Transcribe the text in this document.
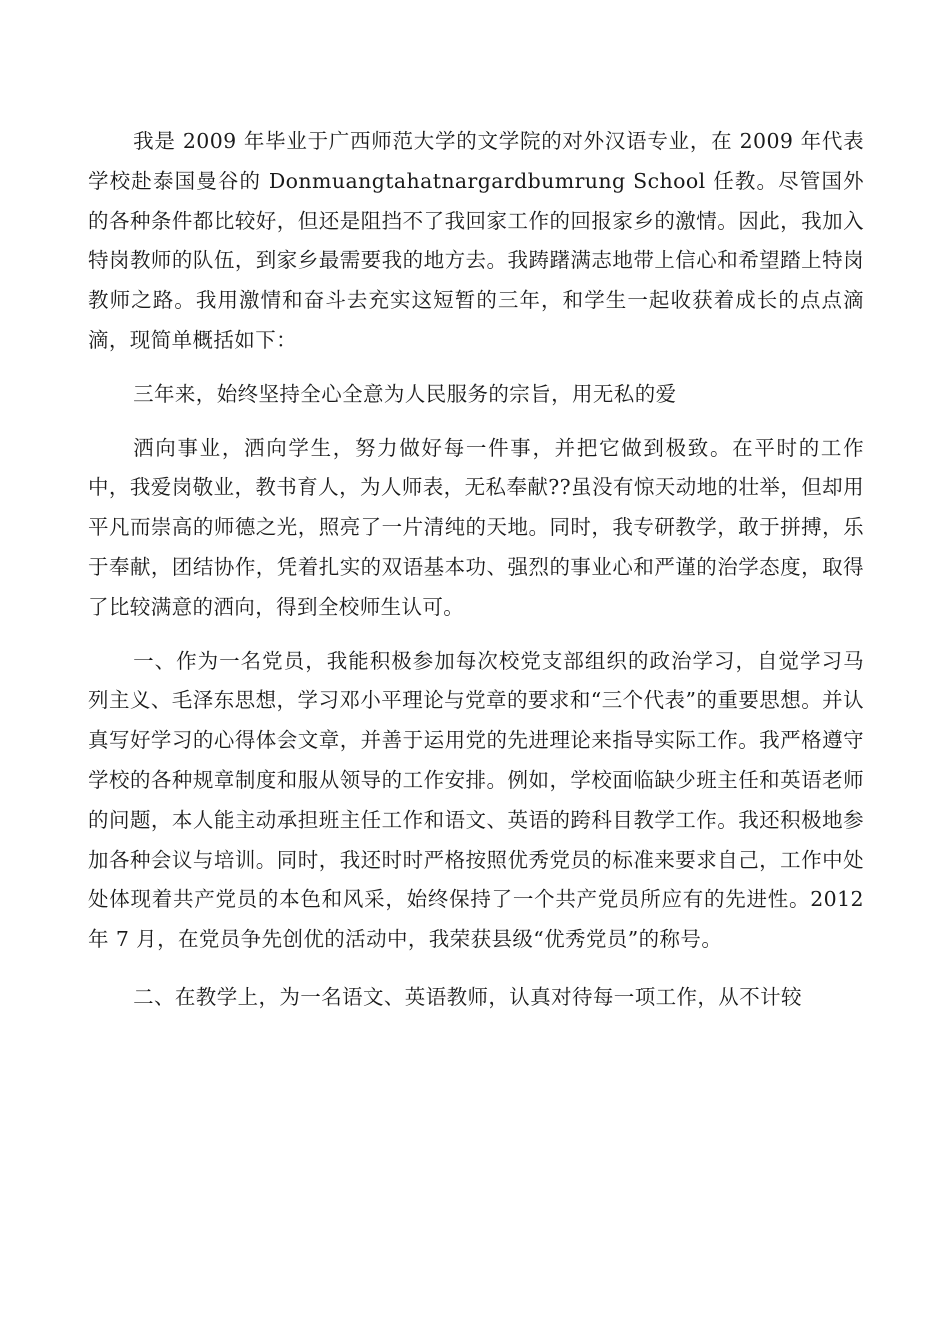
我是 2009 年毕业于广西师范大学的文学院的对外汉语专业，在 2009 年代表学校赴泰国曼谷的 Donmuangtahatnargardbumrung School 任教。尽管国外的各种条件都比较好，但还是阻挡不了我回家工作的回报家乡的激情。因此，我加入特岗教师的队伍，到家乡最需要我的地方去。我踌躇满志地带上信心和希望踏上特岗教师之路。我用激情和奋斗去充实这短暂的三年，和学生一起收获着成长的点点滴滴，现简单概括如下：

三年来，始终坚持全心全意为人民服务的宗旨，用无私的爱

洒向事业，洒向学生，努力做好每一件事，并把它做到极致。在平时的工作中，我爱岗敬业，教书育人，为人师表，无私奉献??虽没有惊天动地的壮举，但却用平凡而崇高的师德之光，照亮了一片清纯的天地。同时，我专研教学，敢于拼搏，乐于奉献，团结协作，凭着扎实的双语基本功、强烈的事业心和严谨的治学态度，取得了比较满意的洒向，得到全校师生认可。

一、作为一名党员，我能积极参加每次校党支部组织的政治学习，自觉学习马列主义、毛泽东思想，学习邓小平理论与党章的要求和“三个代表”的重要思想。并认真写好学习的心得体会文章，并善于运用党的先进理论来指导实际工作。我严格遵守学校的各种规章制度和服从领导的工作安排。例如，学校面临缺少班主任和英语老师的问题，本人能主动承担班主任工作和语文、英语的跨科目教学工作。我还积极地参加各种会议与培训。同时，我还时时严格按照优秀党员的标准来要求自己，工作中处处体现着共产党员的本色和风采，始终保持了一个共产党员所应有的先进性。2012 年 7 月，在党员争先创优的活动中，我荣获县级“优秀党员”的称号。

二、在教学上，为一名语文、英语教师，认真对待每一项工作，从不计较
